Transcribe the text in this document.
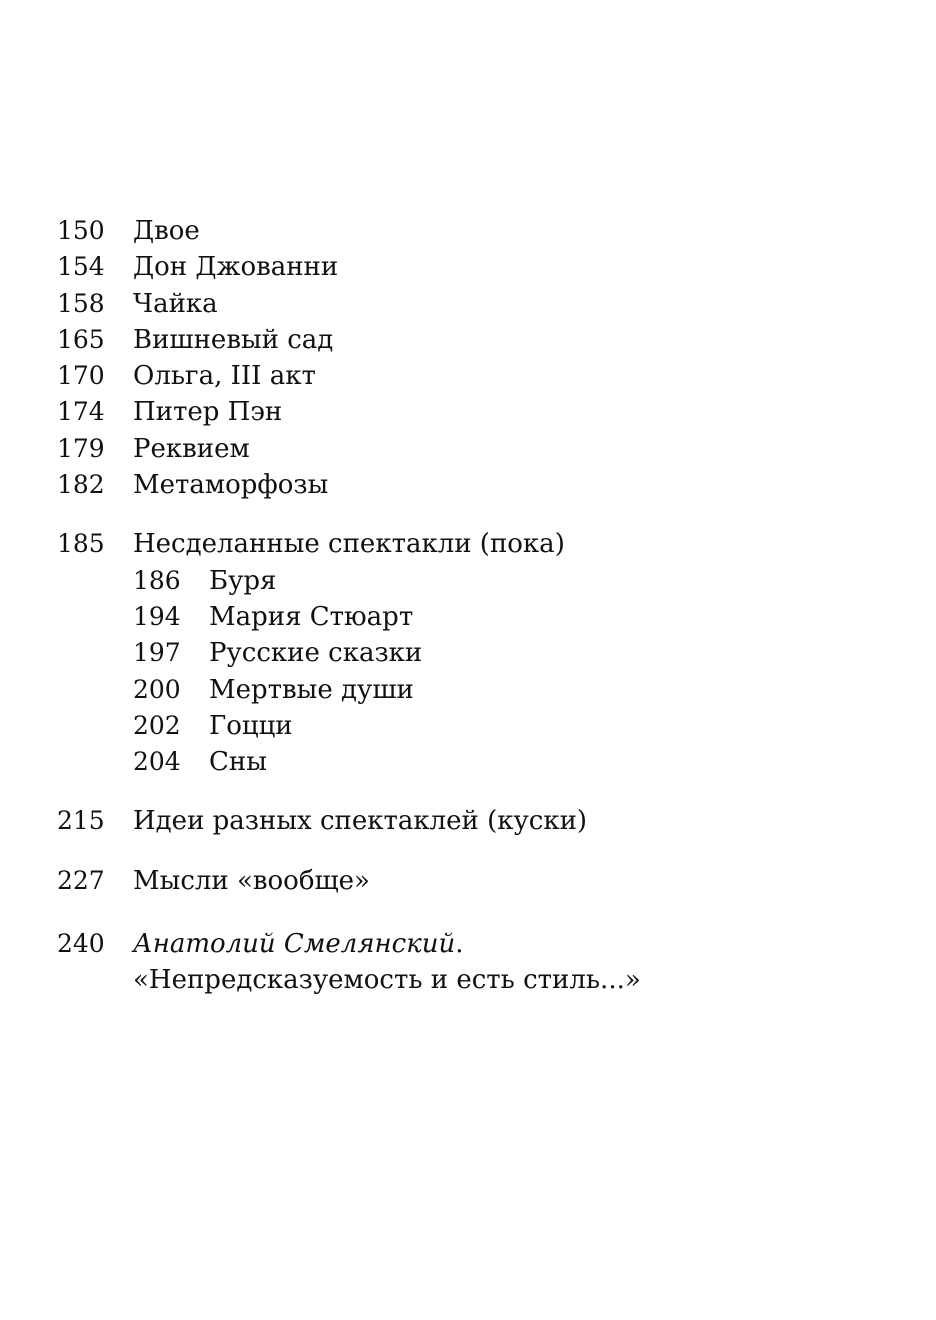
150	Двое
154	Дон Джованни
158	Чайка
165	Вишневый сад
170	Ольга, III акт
174	Питер Пэн
179	Реквием
182	Метаморфозы
185	Несделанные спектакли (пока)
186	Буря
194	Мария Стюарт
197	Русские сказки
200	Мертвые души
202	Гоцци
204	Сны
215	Идеи разных спектаклей (куски)
227	Мысли «вообще»
240	Анатолий Смелянский.
«Непредсказуемость и есть стиль...»
